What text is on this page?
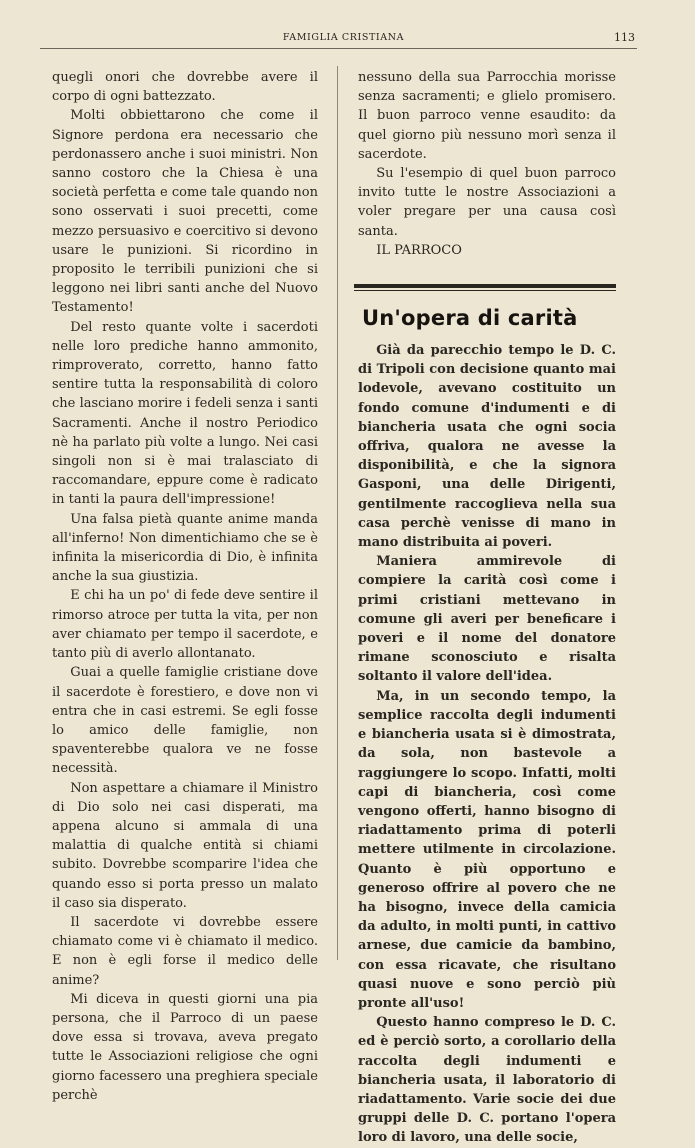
FAMIGLIA CRISTIANA	113

quegli onori che dovrebbe avere il corpo di ogni battezzato.

Molti obbiettarono che come il Signore perdona era necessario che perdonassero anche i suoi ministri. Non sanno costoro che la Chiesa è una società perfetta e come tale quando non sono osservati i suoi precetti, come mezzo persuasivo e coercitivo si devono usare le punizioni. Si ricordino in proposito le terribili punizioni che si leggono nei libri santi anche del Nuovo Testamento!

Del resto quante volte i sacerdoti nelle loro prediche hanno ammonito, rimproverato, corretto, hanno fatto sentire tutta la responsabilità di coloro che lasciano morire i fedeli senza i santi Sacramenti. Anche il nostro Periodico nè ha parlato più volte a lungo. Nei casi singoli non si è mai tralasciato di raccomandare, eppure come è radicato in tanti la paura dell'impressione!

Una falsa pietà quante anime manda all'inferno! Non dimentichiamo che se è infinita la misericordia di Dio, è infinita anche la sua giustizia.

E chi ha un po' di fede deve sentire il rimorso atroce per tutta la vita, per non aver chiamato per tempo il sacerdote, e tanto più di averlo allontanato.

Guai a quelle famiglie cristiane dove il sacerdote è forestiero, e dove non vi entra che in casi estremi. Se egli fosse lo amico delle famiglie, non spaventerebbe qualora ve ne fosse necessità.

Non aspettare a chiamare il Ministro di Dio solo nei casi disperati, ma appena alcuno si ammala di una malattia di qualche entità si chiami subito. Dovrebbe scomparire l'idea che quando esso si porta presso un malato il caso sia disperato.

Il sacerdote vi dovrebbe essere chiamato come vi è chiamato il medico. E non è egli forse il medico delle anime?

Mi diceva in questi giorni una pia persona, che il Parroco di un paese dove essa si trovava, aveva pregato tutte le Associazioni religiose che ogni giorno facessero una preghiera speciale perchè

nessuno della sua Parrocchia morisse senza sacramenti; e glielo promisero. Il buon parroco venne esaudito: da quel giorno più nessuno morì senza il sacerdote.

Su l'esempio di quel buon parroco invito tutte le nostre Associazioni a voler pregare per una causa così santa.

IL PARROCO

Un'opera di carità

Già da parecchio tempo le D. C. di Tripoli con decisione quanto mai lodevole, avevano costituito un fondo comune d'indumenti e di biancheria usata che ogni socia offriva, qualora ne avesse la disponibilità, e che la signora Gasponi, una delle Dirigenti, gentilmente raccoglieva nella sua casa perchè venisse di mano in mano distribuita ai poveri.

Maniera ammirevole di compiere la carità così come i primi cristiani mettevano in comune gli averi per beneficare i poveri e il nome del donatore rimane sconosciuto e risalta soltanto il valore dell'idea.

Ma, in un secondo tempo, la semplice raccolta degli indumenti e biancheria usata si è dimostrata, da sola, non bastevole a raggiungere lo scopo. Infatti, molti capi di biancheria, così come vengono offerti, hanno bisogno di riadattamento prima di poterli mettere utilmente in circolazione. Quanto è più opportuno e generoso offrire al povero che ne ha bisogno, invece della camicia da adulto, in molti punti, in cattivo arnese, due camicie da bambino, con essa ricavate, che risultano quasi nuove e sono perciò più pronte all'uso!

Questo hanno compreso le D. C. ed è perciò sorto, a corollario della raccolta degli indumenti e biancheria usata, il laboratorio di riadattamento. Varie socie dei due gruppi delle D. C. portano l'opera loro di lavoro, una delle socie,
